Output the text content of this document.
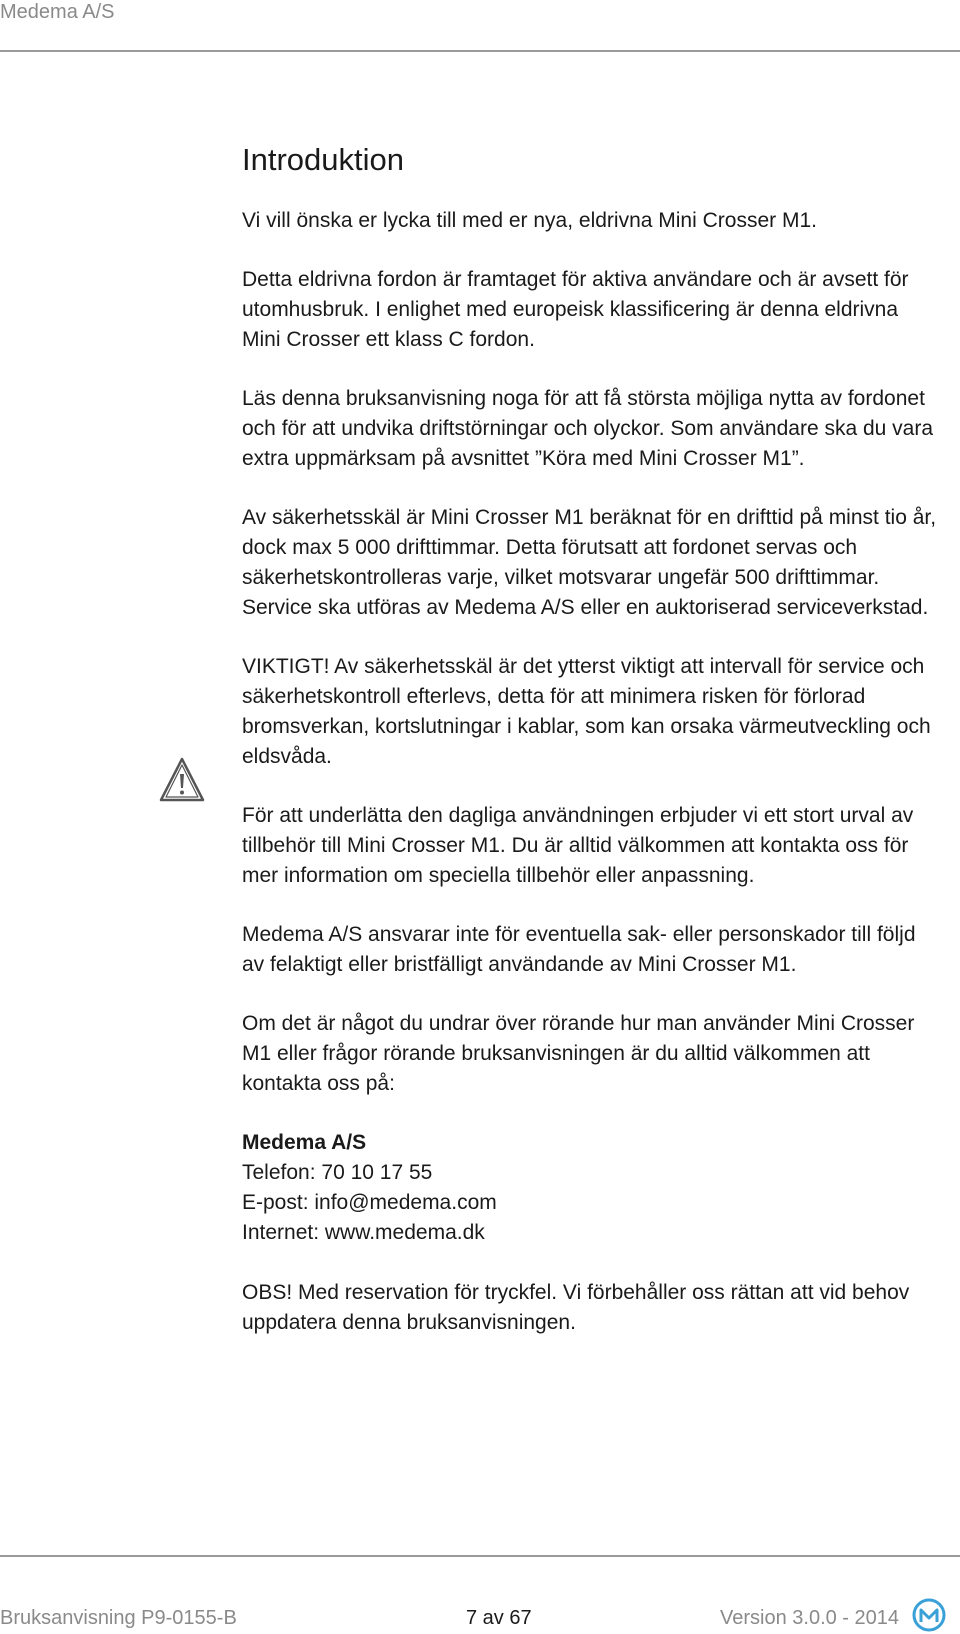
Medema A/S
Introduktion

Vi vill önska er lycka till med er nya, eldrivna Mini Crosser M1.

Detta eldrivna fordon är framtaget för aktiva användare och är avsett för utomhusbruk. I enlighet med europeisk klassificering är denna eldrivna Mini Crosser ett klass C fordon.

Läs denna bruksanvisning noga för att få största möjliga nytta av fordonet och för att undvika driftstörningar och olyckor. Som användare ska du vara extra uppmärksam på avsnittet ”Köra med Mini Crosser M1”.

Av säkerhetsskäl är Mini Crosser M1 beräknat för en drifttid på minst tio år, dock max 5 000 drifttimmar. Detta förutsatt att fordonet servas och säkerhetskontrolleras varje, vilket motsvarar ungefär 500 drifttimmar. Service ska utföras av Medema A/S eller en auktoriserad serviceverkstad.

VIKTIGT! Av säkerhetsskäl är det ytterst viktigt att intervall för service och säkerhetskontroll efterlevs, detta för att minimera risken för förlorad bromsverkan, kortslutningar i kablar, som kan orsaka värmeutveckling och eldsvåda.

För att underlätta den dagliga användningen erbjuder vi ett stort urval av tillbehör till Mini Crosser M1. Du är alltid välkommen att kontakta oss för mer information om speciella tillbehör eller anpassning.

Medema A/S ansvarar inte för eventuella sak- eller personskador till följd av felaktigt eller bristfälligt användande av Mini Crosser M1.

Om det är något du undrar över rörande hur man använder Mini Crosser M1 eller frågor rörande bruksanvisningen är du alltid välkommen att kontakta oss på:

Medema A/S
Telefon: 70 10 17 55
E-post: info@medema.com
Internet: www.medema.dk

OBS! Med reservation för tryckfel. Vi förbehåller oss rättan att vid behov uppdatera denna bruksanvisningen.

Bruksanvisning P9-0155-B	7 av 67	Version 3.0.0 - 2014
